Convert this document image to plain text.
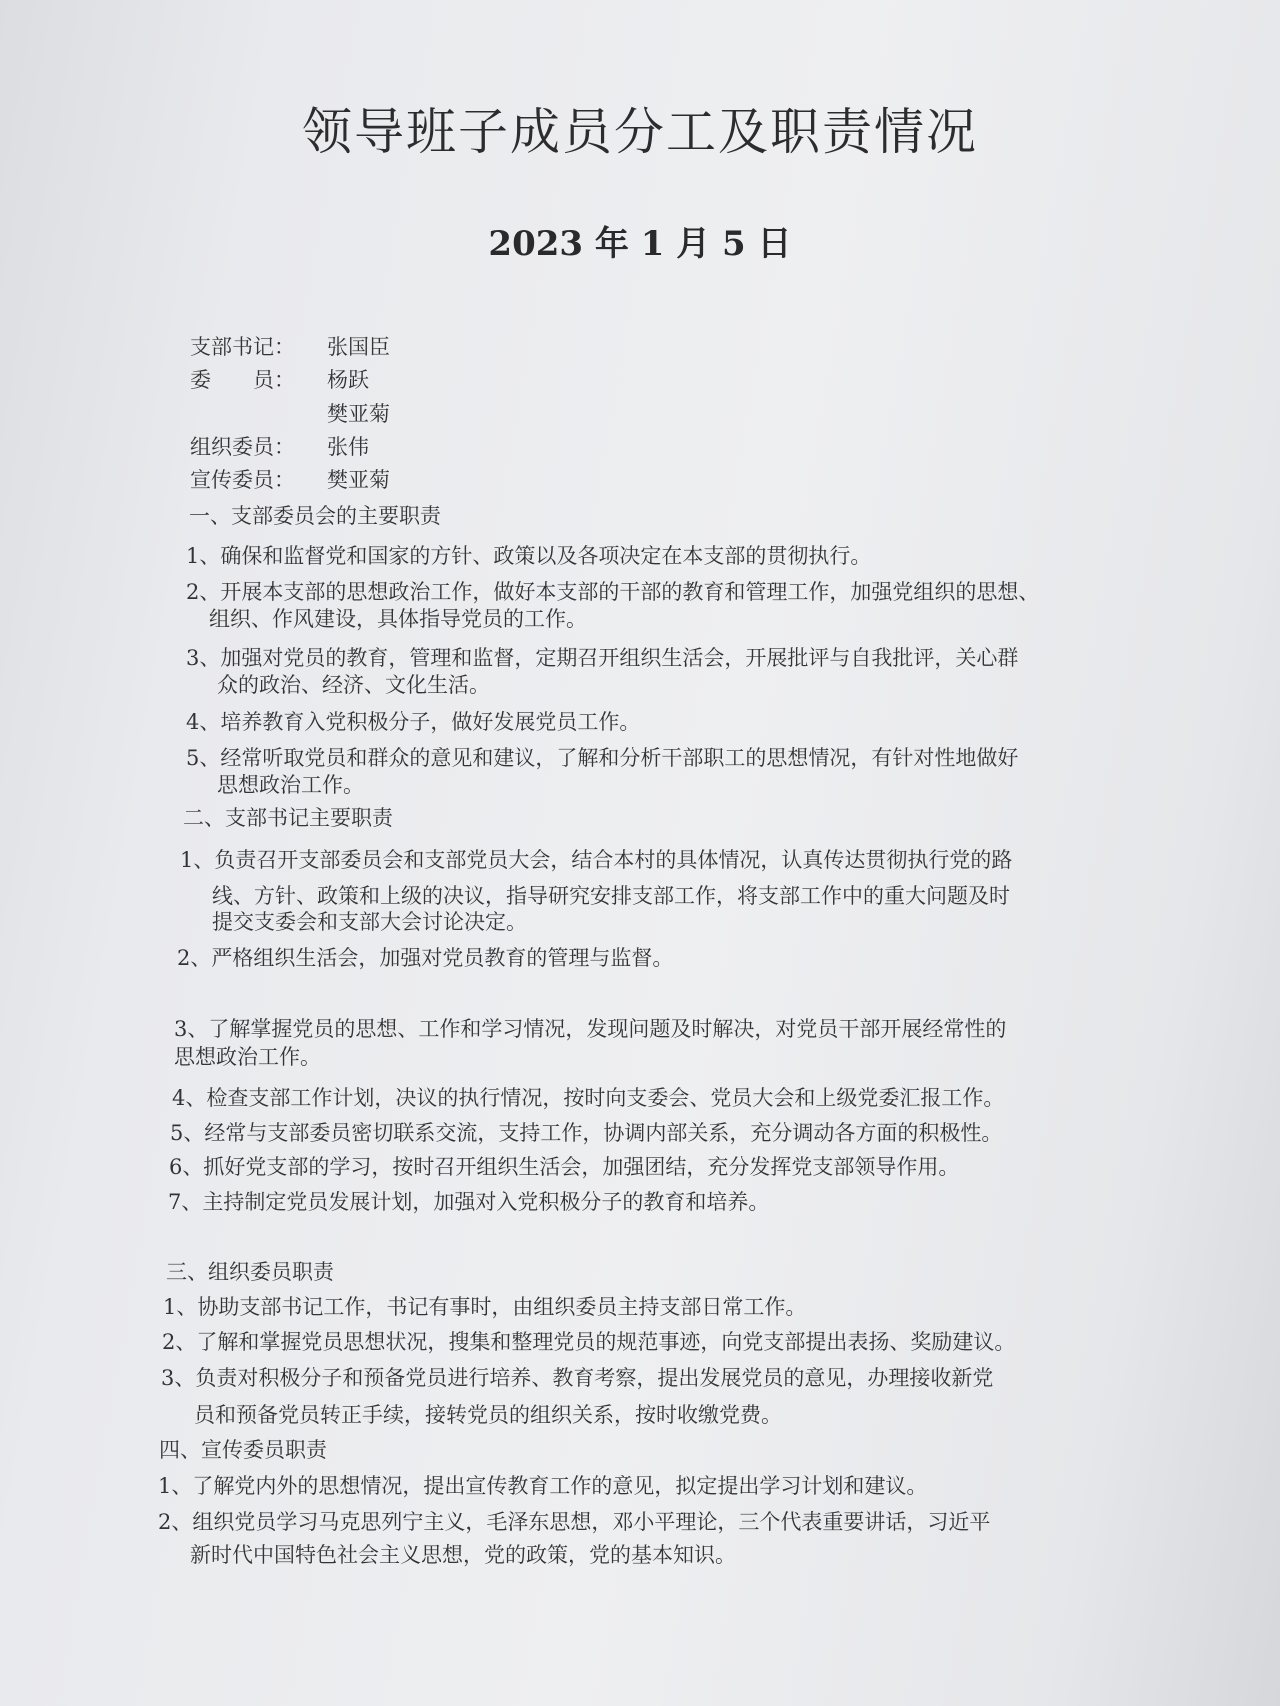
领导班子成员分工及职责情况
2023 年 1 月 5 日
支部书记： 张国臣
委　　员： 杨跃
樊亚菊
组织委员： 张伟
宣传委员： 樊亚菊
一、支部委员会的主要职责
1、确保和监督党和国家的方针、政策以及各项决定在本支部的贯彻执行。
2、开展本支部的思想政治工作，做好本支部的干部的教育和管理工作，加强党组织的思想、
组织、作风建设，具体指导党员的工作。
3、加强对党员的教育，管理和监督，定期召开组织生活会，开展批评与自我批评，关心群
众的政治、经济、文化生活。
4、培养教育入党积极分子，做好发展党员工作。
5、经常听取党员和群众的意见和建议，了解和分析干部职工的思想情况，有针对性地做好
思想政治工作。
二、支部书记主要职责
1、负责召开支部委员会和支部党员大会，结合本村的具体情况，认真传达贯彻执行党的路
线、方针、政策和上级的决议，指导研究安排支部工作，将支部工作中的重大问题及时
提交支委会和支部大会讨论决定。
2、严格组织生活会，加强对党员教育的管理与监督。
3、了解掌握党员的思想、工作和学习情况，发现问题及时解决，对党员干部开展经常性的
思想政治工作。
4、检查支部工作计划，决议的执行情况，按时向支委会、党员大会和上级党委汇报工作。
5、经常与支部委员密切联系交流，支持工作，协调内部关系，充分调动各方面的积极性。
6、抓好党支部的学习，按时召开组织生活会，加强团结，充分发挥党支部领导作用。
7、主持制定党员发展计划，加强对入党积极分子的教育和培养。
三、组织委员职责
1、协助支部书记工作，书记有事时，由组织委员主持支部日常工作。
2、了解和掌握党员思想状况，搜集和整理党员的规范事迹，向党支部提出表扬、奖励建议。
3、负责对积极分子和预备党员进行培养、教育考察，提出发展党员的意见，办理接收新党
员和预备党员转正手续，接转党员的组织关系，按时收缴党费。
四、宣传委员职责
1、了解党内外的思想情况，提出宣传教育工作的意见，拟定提出学习计划和建议。
2、组织党员学习马克思列宁主义，毛泽东思想，邓小平理论，三个代表重要讲话，习近平
新时代中国特色社会主义思想，党的政策，党的基本知识。
